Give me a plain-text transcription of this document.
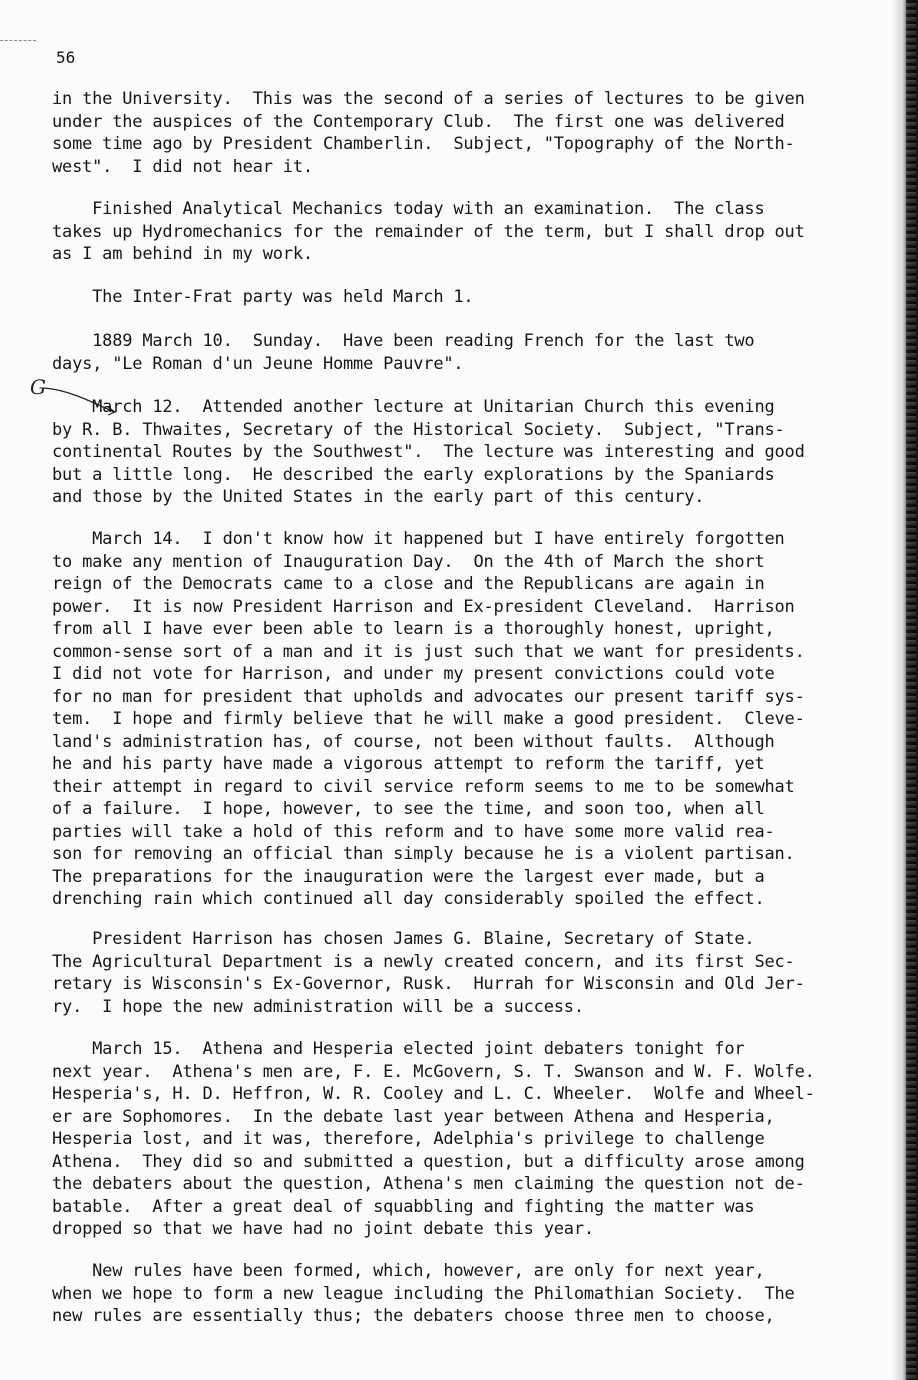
56
G

in the University.  This was the second of a series of lectures to be given
under the auspices of the Contemporary Club.  The first one was delivered
some time ago by President Chamberlin.  Subject, "Topography of the North-
west".  I did not hear it.

Finished Analytical Mechanics today with an examination.  The class
takes up Hydromechanics for the remainder of the term, but I shall drop out
as I am behind in my work.

The Inter-Frat party was held March 1.

1889 March 10.  Sunday.  Have been reading French for the last two
days, "Le Roman d'un Jeune Homme Pauvre".

March 12.  Attended another lecture at Unitarian Church this evening
by R. B. Thwaites, Secretary of the Historical Society.  Subject, "Trans-
continental Routes by the Southwest".  The lecture was interesting and good
but a little long.  He described the early explorations by the Spaniards
and those by the United States in the early part of this century.

March 14.  I don't know how it happened but I have entirely forgotten
to make any mention of Inauguration Day.  On the 4th of March the short
reign of the Democrats came to a close and the Republicans are again in
power.  It is now President Harrison and Ex-president Cleveland.  Harrison
from all I have ever been able to learn is a thoroughly honest, upright,
common-sense sort of a man and it is just such that we want for presidents.
I did not vote for Harrison, and under my present convictions could vote
for no man for president that upholds and advocates our present tariff sys-
tem.  I hope and firmly believe that he will make a good president.  Cleve-
land's administration has, of course, not been without faults.  Although
he and his party have made a vigorous attempt to reform the tariff, yet
their attempt in regard to civil service reform seems to me to be somewhat
of a failure.  I hope, however, to see the time, and soon too, when all
parties will take a hold of this reform and to have some more valid rea-
son for removing an official than simply because he is a violent partisan.
The preparations for the inauguration were the largest ever made, but a
drenching rain which continued all day considerably spoiled the effect.

President Harrison has chosen James G. Blaine, Secretary of State.
The Agricultural Department is a newly created concern, and its first Sec-
retary is Wisconsin's Ex-Governor, Rusk.  Hurrah for Wisconsin and Old Jer-
ry.  I hope the new administration will be a success.

March 15.  Athena and Hesperia elected joint debaters tonight for
next year.  Athena's men are, F. E. McGovern, S. T. Swanson and W. F. Wolfe.
Hesperia's, H. D. Heffron, W. R. Cooley and L. C. Wheeler.  Wolfe and Wheel-
er are Sophomores.  In the debate last year between Athena and Hesperia,
Hesperia lost, and it was, therefore, Adelphia's privilege to challenge
Athena.  They did so and submitted a question, but a difficulty arose among
the debaters about the question, Athena's men claiming the question not de-
batable.  After a great deal of squabbling and fighting the matter was
dropped so that we have had no joint debate this year.

New rules have been formed, which, however, are only for next year,
when we hope to form a new league including the Philomathian Society.  The
new rules are essentially thus; the debaters choose three men to choose,
